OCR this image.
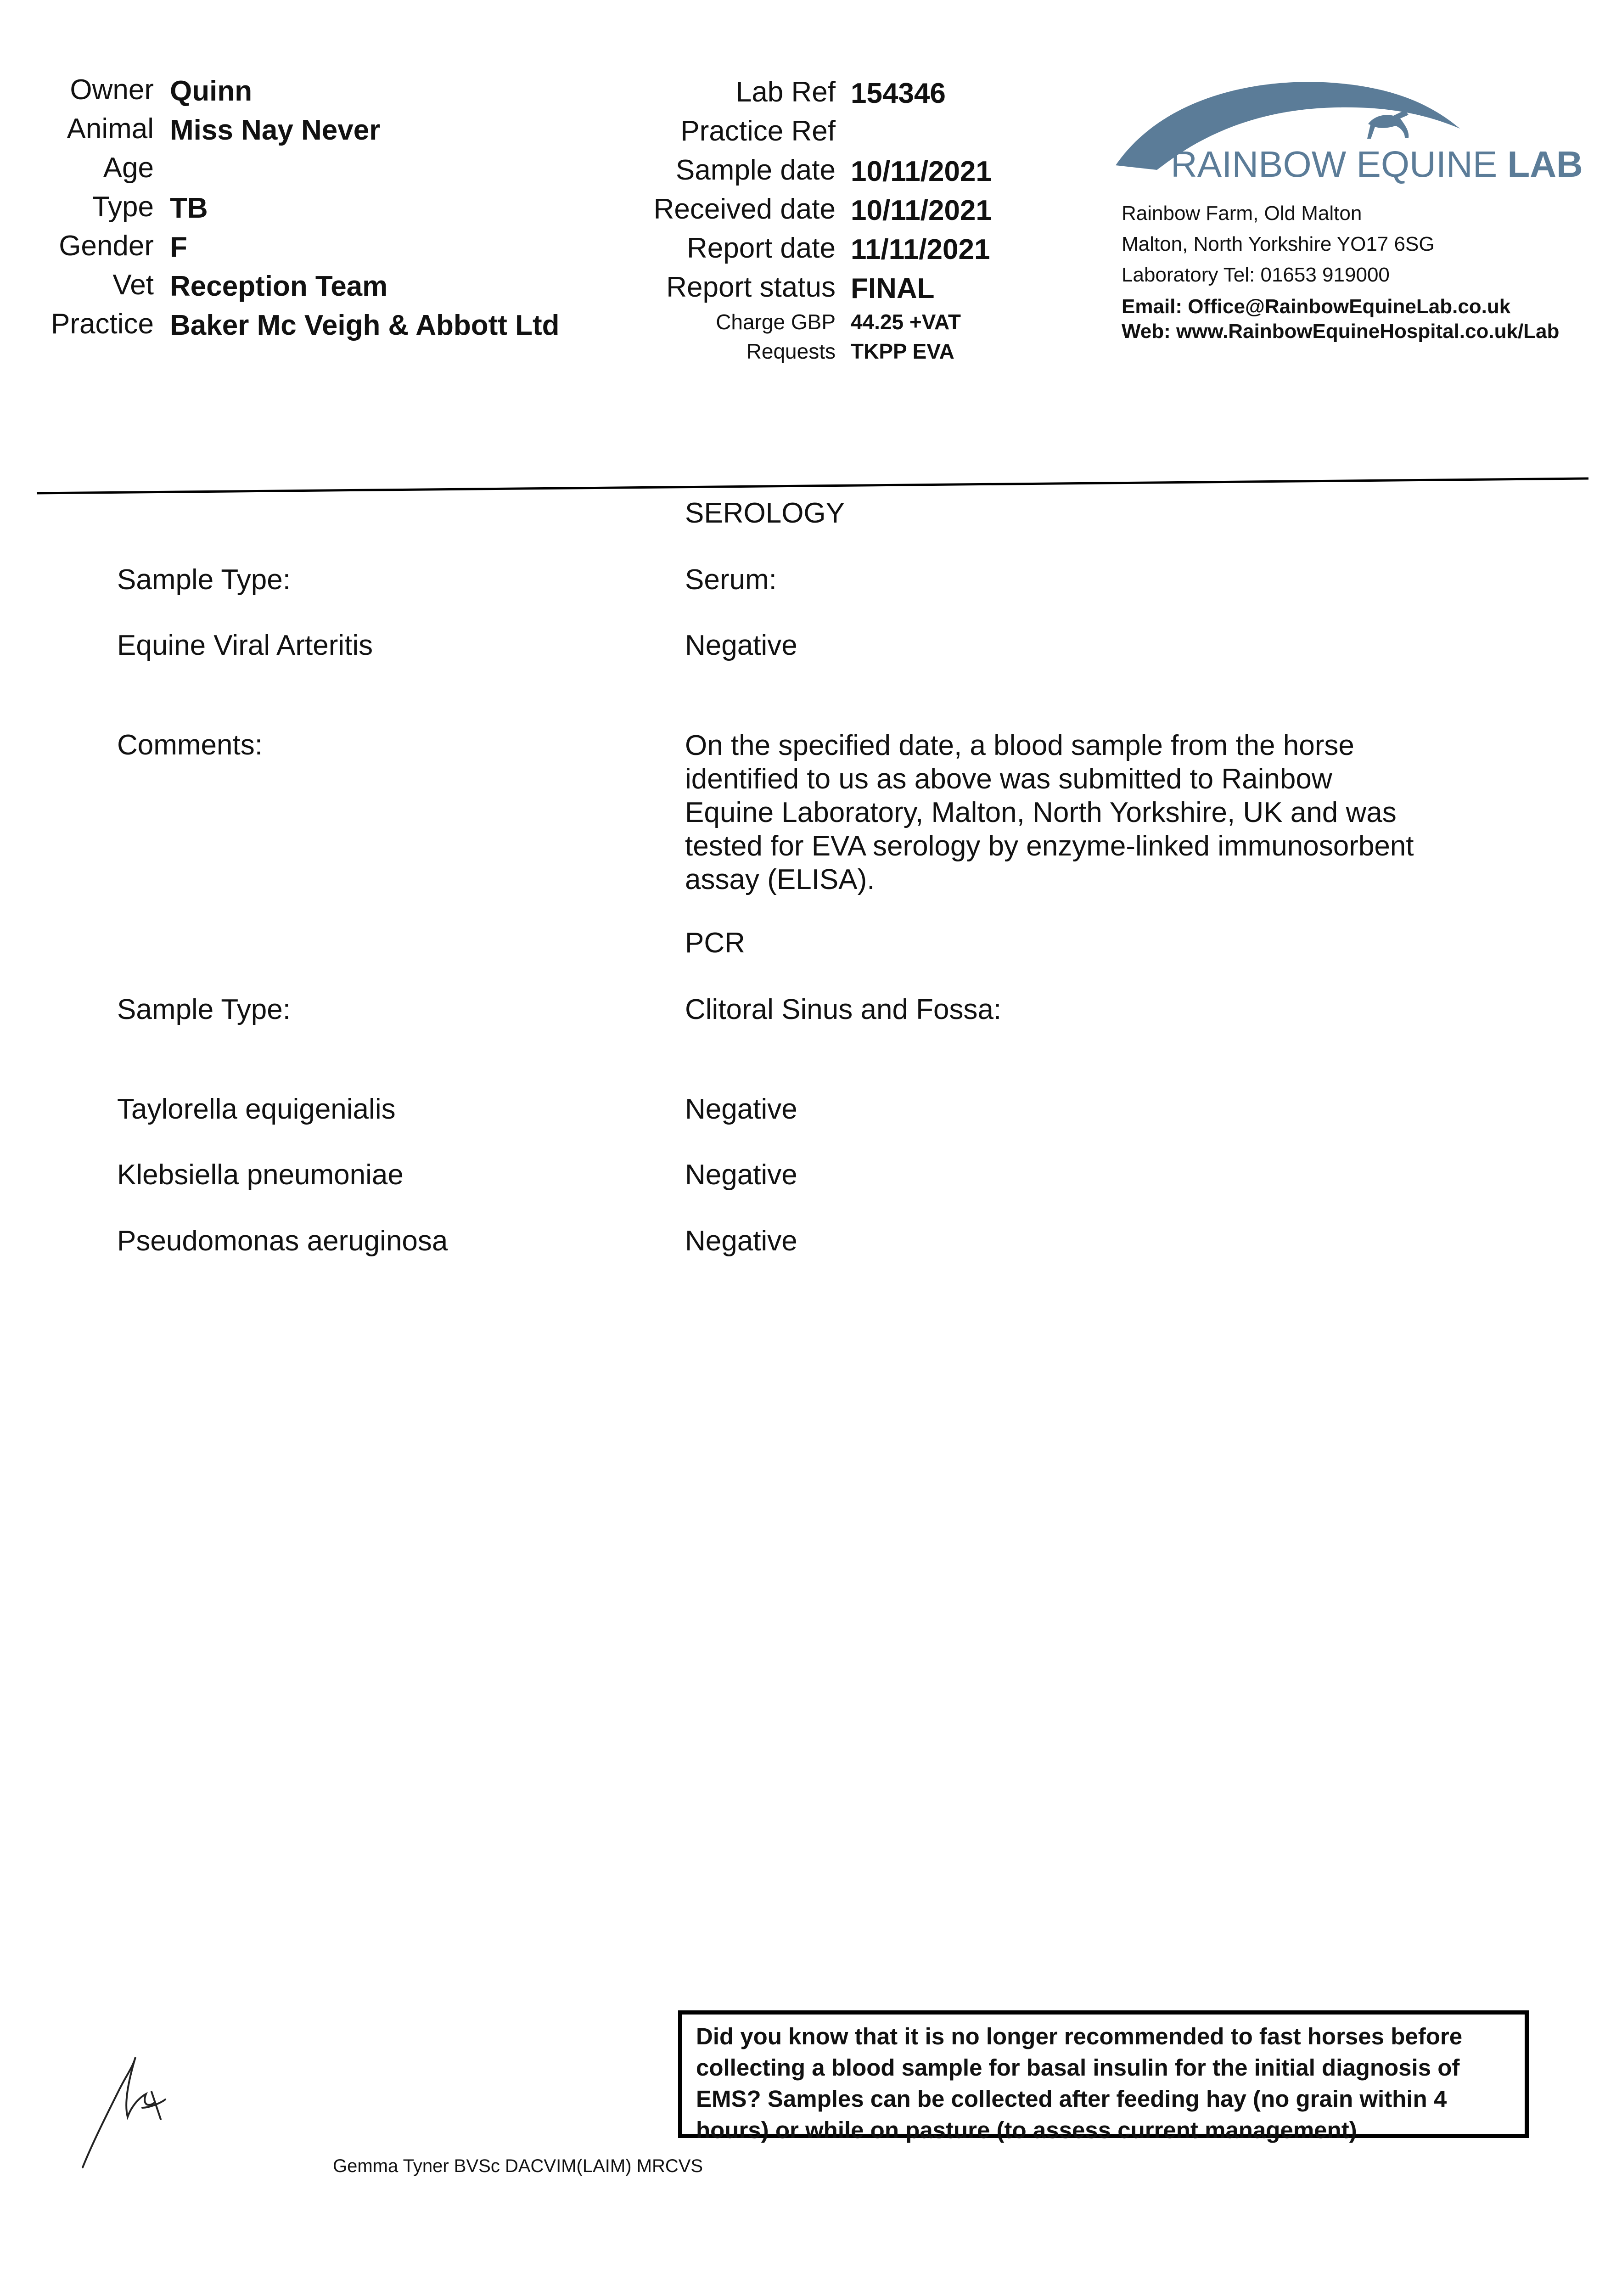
Owner Quinn
Animal Miss Nay Never
Age
Type TB
Gender F
Vet Reception Team
Practice Baker Mc Veigh & Abbott Ltd
Lab Ref 154346
Practice Ref
Sample date 10/11/2021
Received date 10/11/2021
Report date 11/11/2021
Report status FINAL
Charge GBP 44.25 +VAT
Requests TKPP EVA
RAINBOW EQUINE LAB
Rainbow Farm, Old Malton
Malton, North Yorkshire YO17 6SG
Laboratory Tel: 01653 919000
Email: Office@RainbowEquineLab.co.uk
Web: www.RainbowEquineHospital.co.uk/Lab
SEROLOGY
Sample Type:	Serum:
Equine Viral Arteritis	Negative
Comments:	On the specified date, a blood sample from the horse identified to us as above was submitted to Rainbow Equine Laboratory, Malton, North Yorkshire, UK and was tested for EVA serology by enzyme-linked immunosorbent assay (ELISA).
PCR
Sample Type:	Clitoral Sinus and Fossa:
Taylorella equigenialis	Negative
Klebsiella pneumoniae	Negative
Pseudomonas aeruginosa	Negative
Did you know that it is no longer recommended to fast horses before collecting a blood sample for basal insulin for the initial diagnosis of EMS? Samples can be collected after feeding hay (no grain within 4 hours) or while on pasture (to assess current management)
Gemma Tyner BVSc DACVIM(LAIM) MRCVS
